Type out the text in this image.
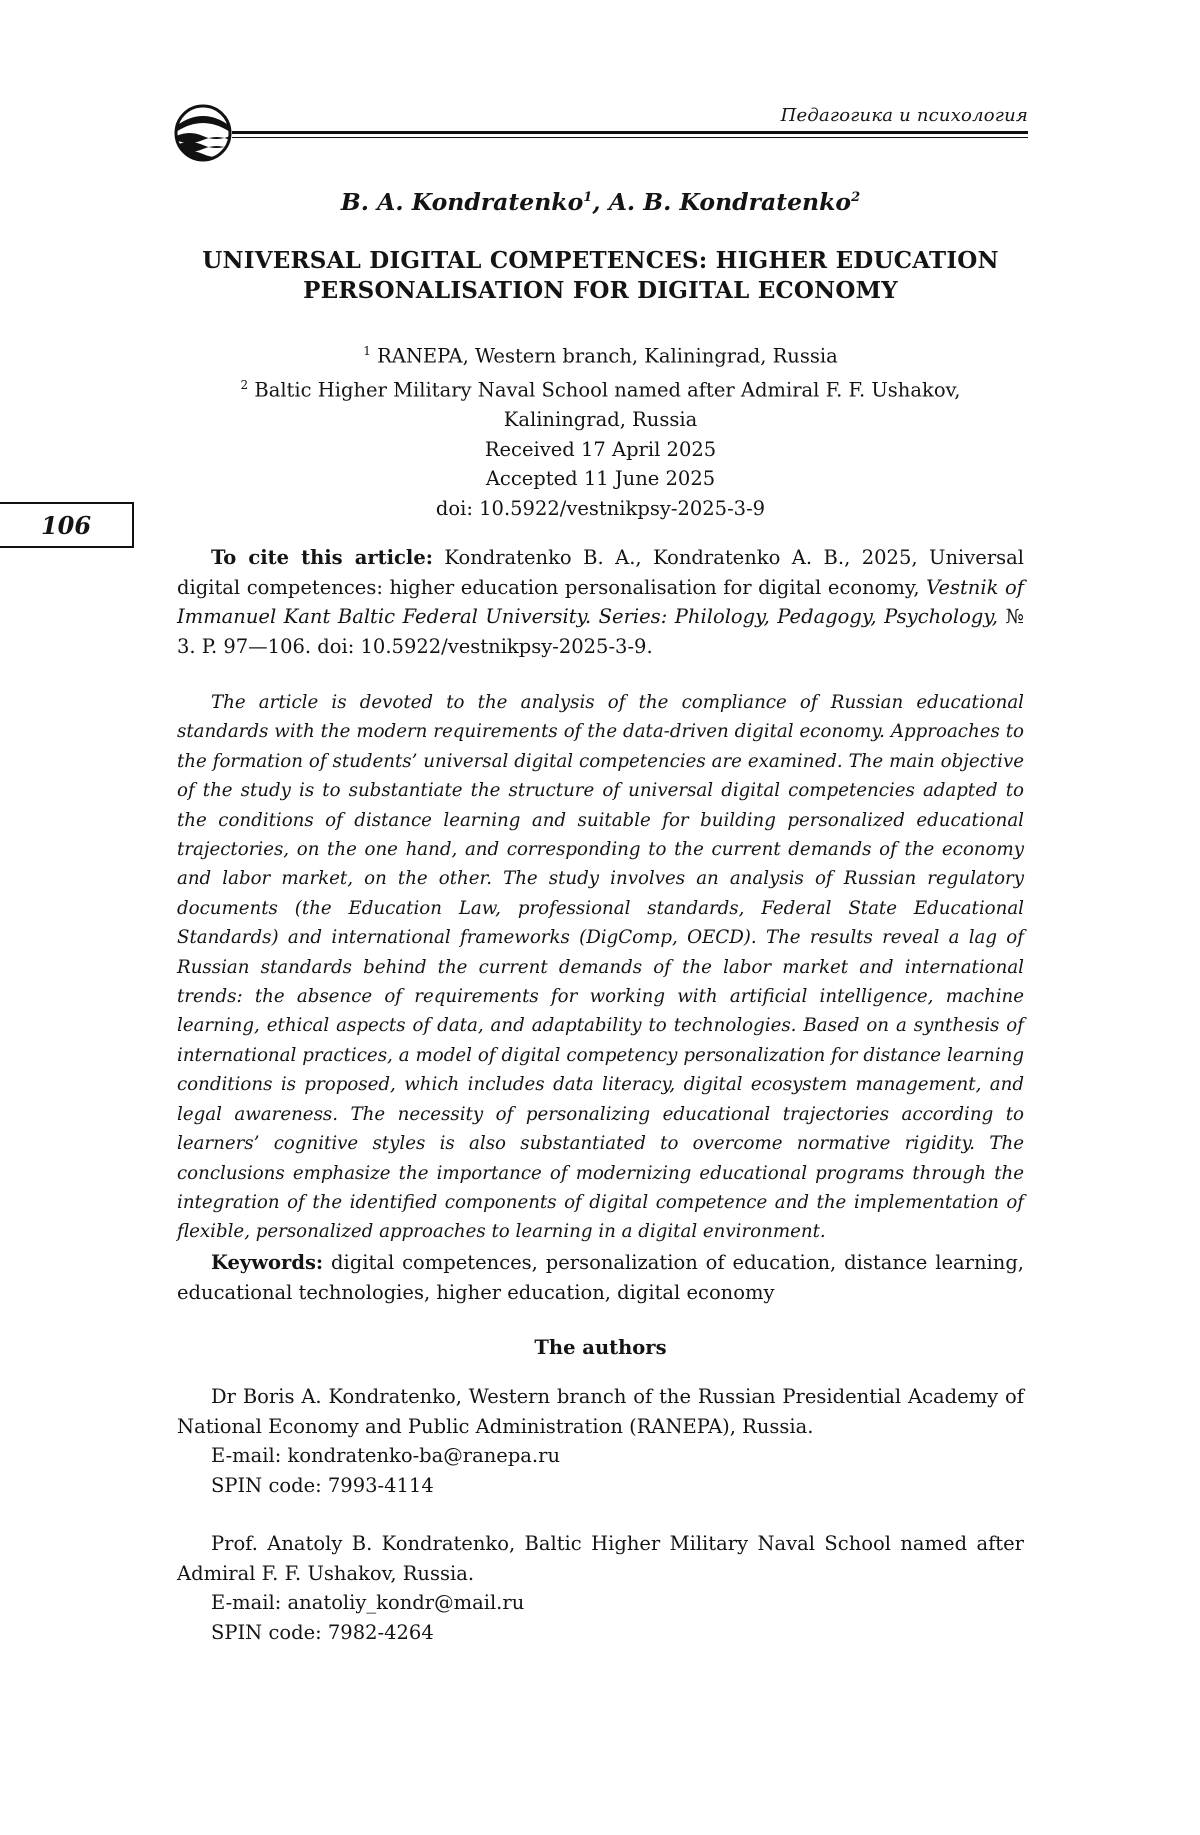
Педагогика и психология
106
B. A. Kondratenko$^1$, A. B. Kondratenko$^2$
UNIVERSAL DIGITAL COMPETENCES: HIGHER EDUCATION
PERSONALISATION FOR DIGITAL ECONOMY
$^1$ RANEPA, Western branch, Kaliningrad, Russia
$^2$ Baltic Higher Military Naval School named after Admiral F. F. Ushakov,
Kaliningrad, Russia
Received 17 April 2025
Accepted 11 June 2025
doi: 10.5922/vestnikpsy-2025-3-9

To cite this article: Kondratenko B. A., Kondratenko A. B., 2025, Universal digital competences: higher education personalisation for digital economy, Vestnik of Immanuel Kant Baltic Federal University. Series: Philology, Pedagogy, Psychology, № 3. P. 97—106. doi: 10.5922/vestnikpsy-2025-3-9.

The article is devoted to the analysis of the compliance of Russian educational standards with the modern requirements of the data-driven digital economy. Approaches to the formation of students’ universal digital competencies are examined. The main objective of the study is to substantiate the structure of universal digital competencies adapted to the conditions of distance learning and suitable for building personalized educational trajectories, on the one hand, and corresponding to the current demands of the economy and labor market, on the other. The study involves an analysis of Russian regulatory documents (the Education Law, professional standards, Federal State Educational Standards) and international frameworks (DigComp, OECD). The results reveal a lag of Russian standards behind the current demands of the labor market and international trends: the absence of requirements for working with artificial intelligence, machine learning, ethical aspects of data, and adaptability to technologies. Based on a synthesis of international practices, a model of digital competency personalization for distance learning conditions is proposed, which includes data literacy, digital ecosystem management, and legal awareness. The necessity of personalizing educational trajectories according to learners’ cognitive styles is also substantiated to overcome normative rigidity. The conclusions emphasize the importance of modernizing educational programs through the integration of the identified components of digital competence and the implementation of flexible, personalized approaches to learning in a digital environment.

Keywords: digital competences, personalization of education, distance learning, educational technologies, higher education, digital economy

The authors

Dr Boris A. Kondratenko, Western branch of the Russian Presidential Academy of National Economy and Public Administration (RANEPA), Russia.

E-mail: kondratenko-ba@ranepa.ru

SPIN code: 7993-4114

Prof. Anatoly B. Kondratenko, Baltic Higher Military Naval School named after Admiral F. F. Ushakov, Russia.

E-mail: anatoliy_kondr@mail.ru

SPIN code: 7982-4264
